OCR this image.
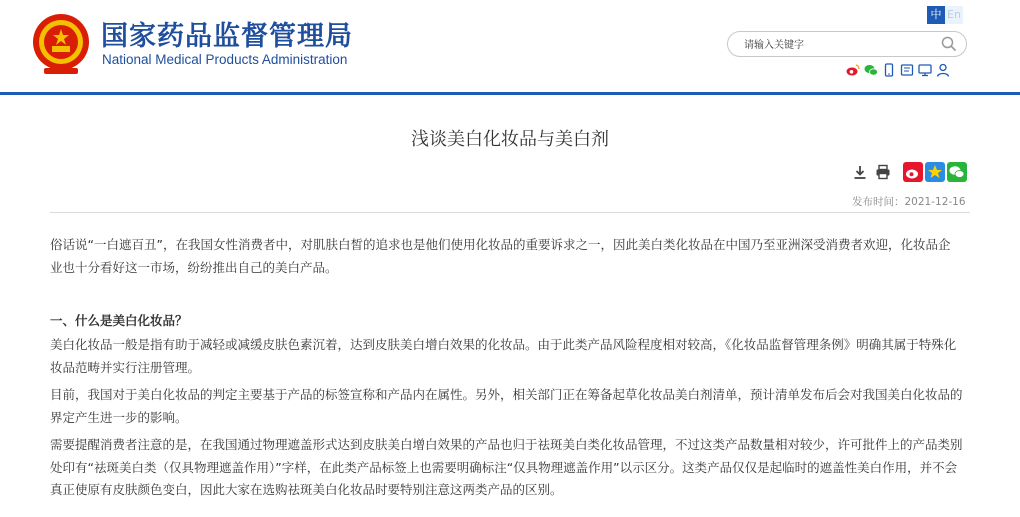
国家药品监督管理局
National Medical Products Administration
中 En
请输入关键字
浅谈美白化妆品与美白剂
发布时间：2021-12-16
俗话说“一白遮百丑”，在我国女性消费者中，对肌肤白皙的追求也是他们使用化妆品的重要诉求之一，因此美白类化妆品在中国乃至亚洲深受消费者欢迎，化妆品企
业也十分看好这一市场，纷纷推出自己的美白产品。
一、什么是美白化妆品？
美白化妆品一般是指有助于减轻或减缓皮肤色素沉着，达到皮肤美白增白效果的化妆品。由于此类产品风险程度相对较高，《化妆品监督管理条例》明确其属于特殊化
妆品范畴并实行注册管理。
目前，我国对于美白化妆品的判定主要基于产品的标签宣称和产品内在属性。另外，相关部门正在筹备起草化妆品美白剂清单，预计清单发布后会对我国美白化妆品的
界定产生进一步的影响。
需要提醒消费者注意的是，在我国通过物理遮盖形式达到皮肤美白增白效果的产品也归于祛斑美白类化妆品管理，不过这类产品数量相对较少，许可批件上的产品类别
处印有“祛斑美白类（仅具物理遮盖作用）”字样，在此类产品标签上也需要明确标注“仅具物理遮盖作用”以示区分。这类产品仅仅是起临时的遮盖性美白作用，并不会
真正使原有皮肤颜色变白，因此大家在选购祛斑美白化妆品时要特别注意这两类产品的区别。
